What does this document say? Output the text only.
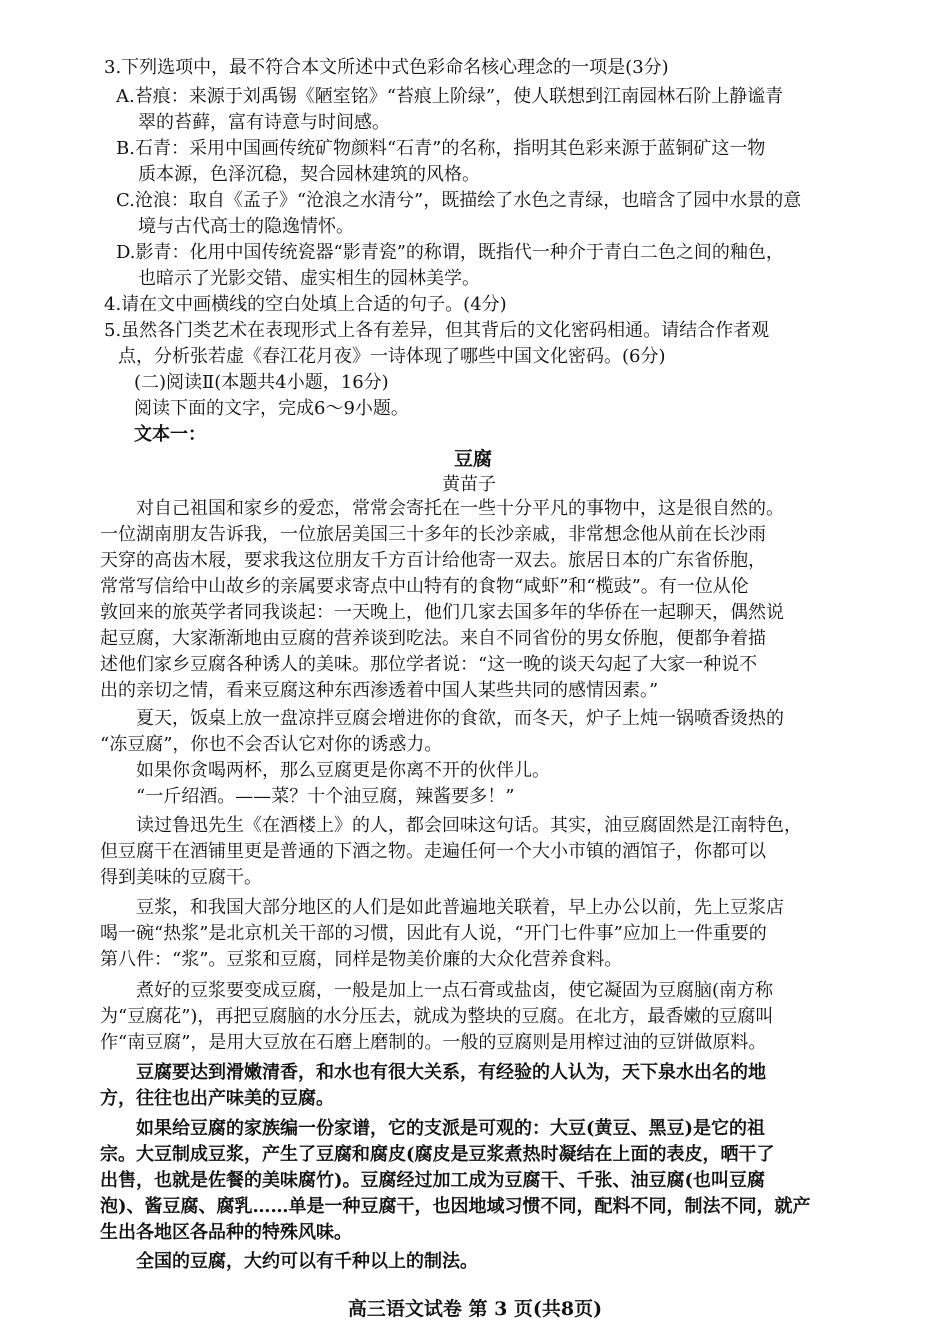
3.下列选项中，最不符合本文所述中式色彩命名核心理念的一项是(3分)
A.苔痕：来源于刘禹锡《陋室铭》“苔痕上阶绿”，使人联想到江南园林石阶上静谧青
翠的苔藓，富有诗意与时间感。
B.石青：采用中国画传统矿物颜料“石青”的名称，指明其色彩来源于蓝铜矿这一物
质本源，色泽沉稳，契合园林建筑的风格。
C.沧浪：取自《孟子》“沧浪之水清兮”，既描绘了水色之青绿，也暗含了园中水景的意
境与古代高士的隐逸情怀。
D.影青：化用中国传统瓷器“影青瓷”的称谓，既指代一种介于青白二色之间的釉色，
也暗示了光影交错、虚实相生的园林美学。
4.请在文中画横线的空白处填上合适的句子。(4分)
5.虽然各门类艺术在表现形式上各有差异，但其背后的文化密码相通。请结合作者观
点，分析张若虚《春江花月夜》一诗体现了哪些中国文化密码。(6分)
(二)阅读Ⅱ(本题共4小题，16分)
阅读下面的文字，完成6～9小题。
文本一：
豆腐
黄苗子
对自己祖国和家乡的爱恋，常常会寄托在一些十分平凡的事物中，这是很自然的。
一位湖南朋友告诉我，一位旅居美国三十多年的长沙亲戚，非常想念他从前在长沙雨
天穿的高齿木屐，要求我这位朋友千方百计给他寄一双去。旅居日本的广东省侨胞，
常常写信给中山故乡的亲属要求寄点中山特有的食物“咸虾”和“榄豉”。有一位从伦
敦回来的旅英学者同我谈起：一天晚上，他们几家去国多年的华侨在一起聊天，偶然说
起豆腐，大家渐渐地由豆腐的营养谈到吃法。来自不同省份的男女侨胞，便都争着描
述他们家乡豆腐各种诱人的美味。那位学者说：“这一晚的谈天勾起了大家一种说不
出的亲切之情，看来豆腐这种东西渗透着中国人某些共同的感情因素。”
夏天，饭桌上放一盘凉拌豆腐会增进你的食欲，而冬天，炉子上炖一锅喷香烫热的
“冻豆腐”，你也不会否认它对你的诱惑力。
如果你贪喝两杯，那么豆腐更是你离不开的伙伴儿。
“一斤绍酒。——菜？十个油豆腐，辣酱要多！”
读过鲁迅先生《在酒楼上》的人，都会回味这句话。其实，油豆腐固然是江南特色，
但豆腐干在酒铺里更是普通的下酒之物。走遍任何一个大小市镇的酒馆子，你都可以
得到美味的豆腐干。
豆浆，和我国大部分地区的人们是如此普遍地关联着，早上办公以前，先上豆浆店
喝一碗“热浆”是北京机关干部的习惯，因此有人说，“开门七件事”应加上一件重要的
第八件：“浆”。豆浆和豆腐，同样是物美价廉的大众化营养食料。
煮好的豆浆要变成豆腐，一般是加上一点石膏或盐卤，使它凝固为豆腐脑(南方称
为“豆腐花”)，再把豆腐脑的水分压去，就成为整块的豆腐。在北方，最香嫩的豆腐叫
作“南豆腐”，是用大豆放在石磨上磨制的。一般的豆腐则是用榨过油的豆饼做原料。
豆腐要达到滑嫩清香，和水也有很大关系，有经验的人认为，天下泉水出名的地
方，往往也出产味美的豆腐。
如果给豆腐的家族编一份家谱，它的支派是可观的：大豆(黄豆、黑豆)是它的祖
宗。大豆制成豆浆，产生了豆腐和腐皮(腐皮是豆浆煮热时凝结在上面的表皮，晒干了
出售，也就是佐餐的美味腐竹)。豆腐经过加工成为豆腐干、千张、油豆腐(也叫豆腐
泡)、酱豆腐、腐乳……单是一种豆腐干，也因地域习惯不同，配料不同，制法不同，就产
生出各地区各品种的特殊风味。
全国的豆腐，大约可以有千种以上的制法。
高三语文试卷 第 3 页(共8页)
